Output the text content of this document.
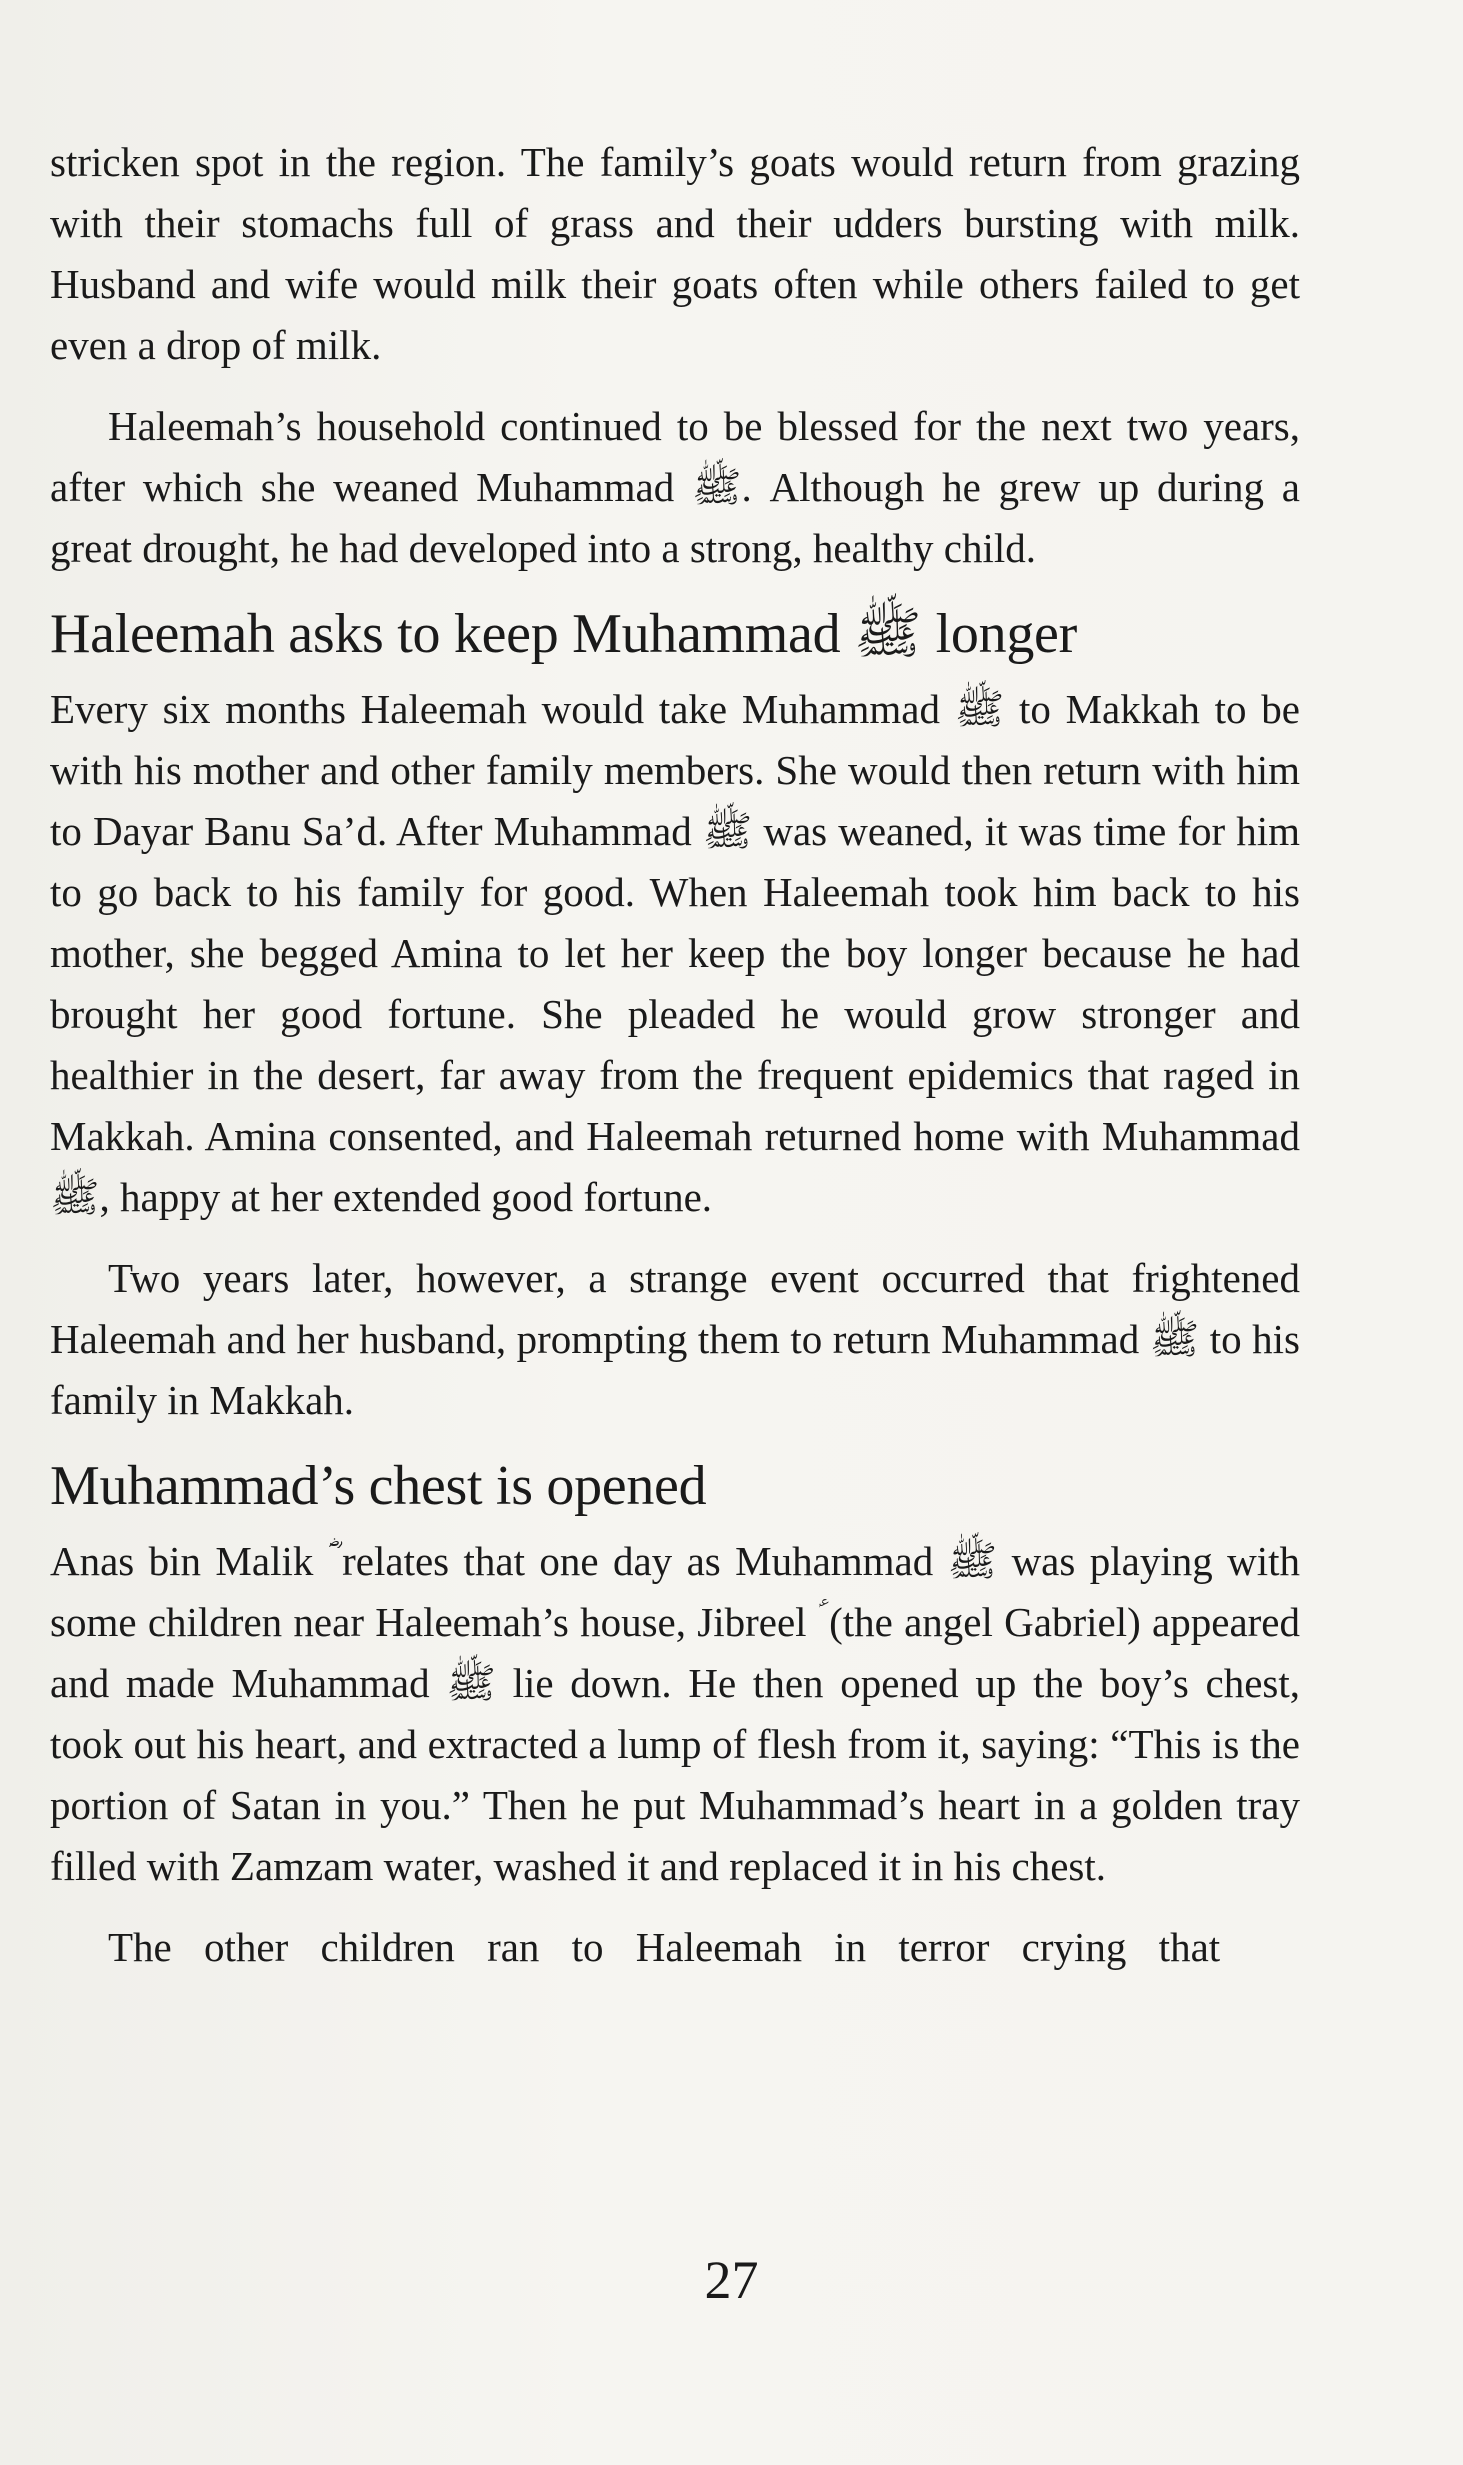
stricken spot in the region. The family’s goats would return from grazing with their stomachs full of grass and their udders bursting with milk. Husband and wife would milk their goats often while others failed to get even a drop of milk.

Haleemah’s household continued to be blessed for the next two years, after which she weaned Muhammad ﷺ. Although he grew up during a great drought, he had developed into a strong, healthy child.

Haleemah asks to keep Muhammad ﷺ longer

Every six months Haleemah would take Muhammad ﷺ to Makkah to be with his mother and other family members. She would then return with him to Dayar Banu Sa’d. After Muhammad ﷺ was weaned, it was time for him to go back to his family for good. When Haleemah took him back to his mother, she begged Amina to let her keep the boy longer because he had brought her good fortune. She pleaded he would grow stronger and healthier in the desert, far away from the frequent epidemics that raged in Makkah. Amina consented, and Haleemah returned home with Muhammad ﷺ, happy at her extended good fortune.

Two years later, however, a strange event occurred that frightened Haleemah and her husband, prompting them to return Muhammad ﷺ to his family in Makkah.

Muhammad’s chest is opened

Anas bin Malik ؓ relates that one day as Muhammad ﷺ was playing with some children near Haleemah’s house, Jibreel ؑ (the angel Gabriel) appeared and made Muhammad ﷺ lie down. He then opened up the boy’s chest, took out his heart, and extracted a lump of flesh from it, saying: “This is the portion of Satan in you.” Then he put Muhammad’s heart in a golden tray filled with Zamzam water, washed it and replaced it in his chest.

The other children ran to Haleemah in terror crying that

27
